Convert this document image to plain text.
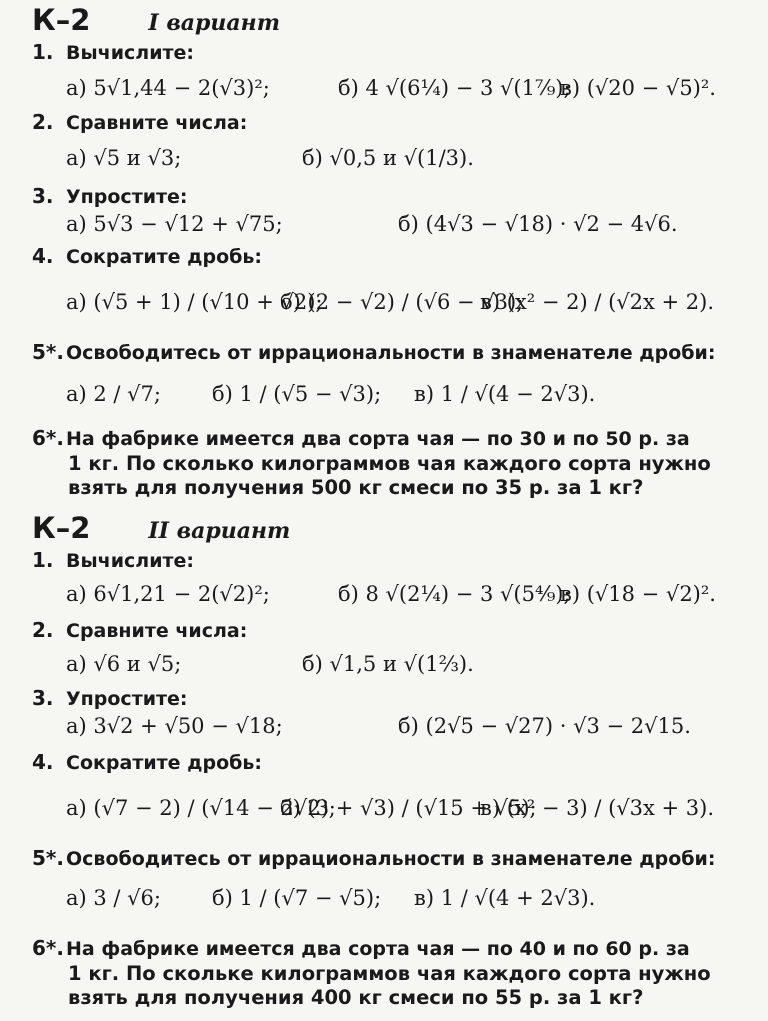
К–2	I вариант
1. Вычислите:
а) 5√1,44 − 2(√3)²;	б) 4 √(6¼) − 3 √(1⁷⁄₉);
в) (√20 − √5)².
2. Сравните числа:
а) √5 и √3;	б) √0,5 и √(1/3).
3. Упростите:
а) 5√3 − √12 + √75;	б) (4√3 − √18) · √2 − 4√6.
4. Сократите дробь:
а) (√5 + 1) / (√10 + √2);
б) (2 − √2) / (√6 − √3);
в) (x² − 2) / (√2x + 2).
5*. Освободитесь от иррациональности в знаменателе дроби:
а) 2 / √7; б) 1 / (√5 − √3); в) 1 / √(4 − 2√3).
6*. На фабрике имеется два сорта чая — по 30 и по 50 р. за
1 кг. По сколько килограммов чая каждого сорта нужно
взять для получения 500 кг смеси по 35 р. за 1 кг?
К–2	II вариант
1. Вычислите:
а) 6√1,21 − 2(√2)²;	б) 8 √(2¼) − 3 √(5⁴⁄₉);
в) (√18 − √2)².
2. Сравните числа:
а) √6 и √5;	б) √1,5 и √(1⅔).
3. Упростите:
а) 3√2 + √50 − √18;	б) (2√5 − √27) · √3 − 2√15.
4. Сократите дробь:
а) (√7 − 2) / (√14 − 2√2);
б) (3 + √3) / (√15 + √5);
в) (x² − 3) / (√3x + 3).
5*. Освободитесь от иррациональности в знаменателе дроби:
а) 3 / √6; б) 1 / (√7 − √5); в) 1 / √(4 + 2√3).
6*. На фабрике имеется два сорта чая — по 40 и по 60 р. за
1 кг. По скольке килограммов чая каждого сорта нужно
взять для получения 400 кг смеси по 55 р. за 1 кг?
